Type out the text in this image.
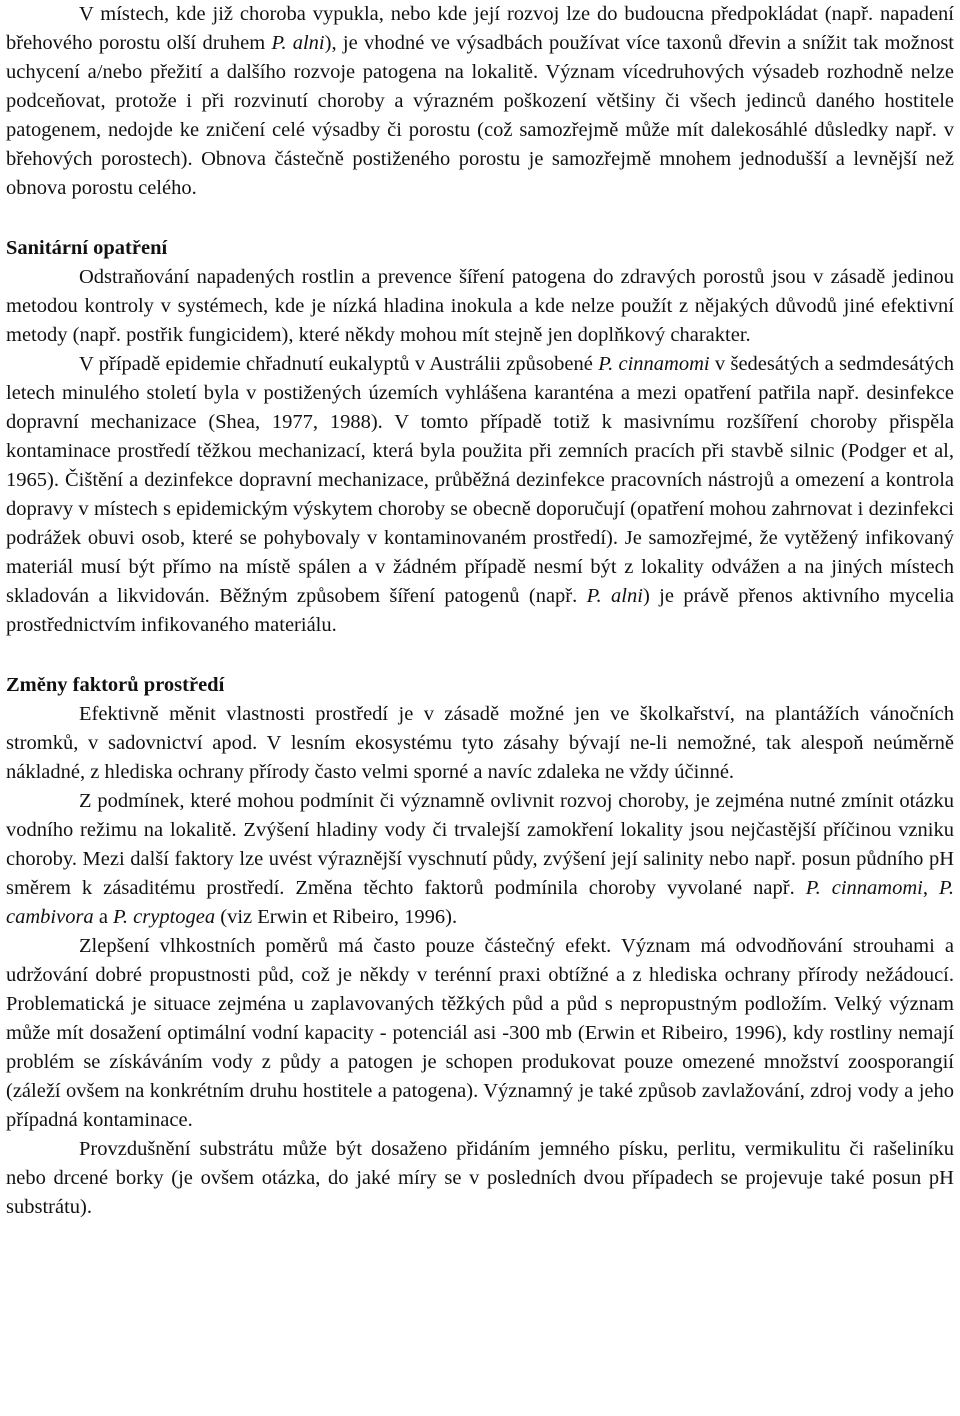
V místech, kde již choroba vypukla, nebo kde její rozvoj lze do budoucna předpokládat (např. napadení břehového porostu olší druhem P. alni), je vhodné ve výsadbách používat více taxonů dřevin a snížit tak možnost uchycení a/nebo přežití a dalšího rozvoje patogena na lokalitě. Význam vícedruhových výsadeb rozhodně nelze podceňovat, protože i při rozvinutí choroby a výrazném poškození většiny či všech jedinců daného hostitele patogenem, nedojde ke zničení celé výsadby či porostu (což samozřejmě může mít dalekosáhlé důsledky např. v břehových porostech). Obnova částečně postiženého porostu je samozřejmě mnohem jednodušší a levnější než obnova porostu celého.

Sanitární opatření

Odstraňování napadených rostlin a prevence šíření patogena do zdravých porostů jsou v zásadě jedinou metodou kontroly v systémech, kde je nízká hladina inokula a kde nelze použít z nějakých důvodů jiné efektivní metody (např. postřik fungicidem), které někdy mohou mít stejně jen doplňkový charakter.

V případě epidemie chřadnutí eukalyptů v Austrálii způsobené P. cinnamomi v šedesátých a sedmdesátých letech minulého století byla v postižených územích vyhlášena karanténa a mezi opatření patřila např. desinfekce dopravní mechanizace (Shea, 1977, 1988). V tomto případě totiž k masivnímu rozšíření choroby přispěla kontaminace prostředí těžkou mechanizací, která byla použita při zemních pracích při stavbě silnic (Podger et al, 1965). Čištění a dezinfekce dopravní mechanizace, průběžná dezinfekce pracovních nástrojů a omezení a kontrola dopravy v místech s epidemickým výskytem choroby se obecně doporučují (opatření mohou zahrnovat i dezinfekci podrážek obuvi osob, které se pohybovaly v kontaminovaném prostředí). Je samozřejmé, že vytěžený infikovaný materiál musí být přímo na místě spálen a v žádném případě nesmí být z lokality odvážen a na jiných místech skladován a likvidován. Běžným způsobem šíření patogenů (např. P. alni) je právě přenos aktivního mycelia prostřednictvím infikovaného materiálu.

Změny faktorů prostředí

Efektivně měnit vlastnosti prostředí je v zásadě možné jen ve školkařství, na plantážích vánočních stromků, v sadovnictví apod. V lesním ekosystému tyto zásahy bývají ne-li nemožné, tak alespoň neúměrně nákladné, z hlediska ochrany přírody často velmi sporné a navíc zdaleka ne vždy účinné.

Z podmínek, které mohou podmínit či významně ovlivnit rozvoj choroby, je zejména nutné zmínit otázku vodního režimu na lokalitě. Zvýšení hladiny vody či trvalejší zamokření lokality jsou nejčastější příčinou vzniku choroby. Mezi další faktory lze uvést výraznější vyschnutí půdy, zvýšení její salinity nebo např. posun půdního pH směrem k zásaditému prostředí. Změna těchto faktorů podmínila choroby vyvolané např. P. cinnamomi, P. cambivora a P. cryptogea (viz Erwin et Ribeiro, 1996).

Zlepšení vlhkostních poměrů má často pouze částečný efekt. Význam má odvodňování strouhami a udržování dobré propustnosti půd, což je někdy v terénní praxi obtížné a z hlediska ochrany přírody nežádoucí. Problematická je situace zejména u zaplavovaných těžkých půd a půd s nepropustným podložím. Velký význam může mít dosažení optimální vodní kapacity - potenciál asi -300 mb (Erwin et Ribeiro, 1996), kdy rostliny nemají problém se získáváním vody z půdy a patogen je schopen produkovat pouze omezené množství zoosporangií (záleží ovšem na konkrétním druhu hostitele a patogena). Významný je také způsob zavlažování, zdroj vody a jeho případná kontaminace.

Provzdušnění substrátu může být dosaženo přidáním jemného písku, perlitu, vermikulitu či rašeliníku nebo drcené borky (je ovšem otázka, do jaké míry se v posledních dvou případech se projevuje také posun pH substrátu).
